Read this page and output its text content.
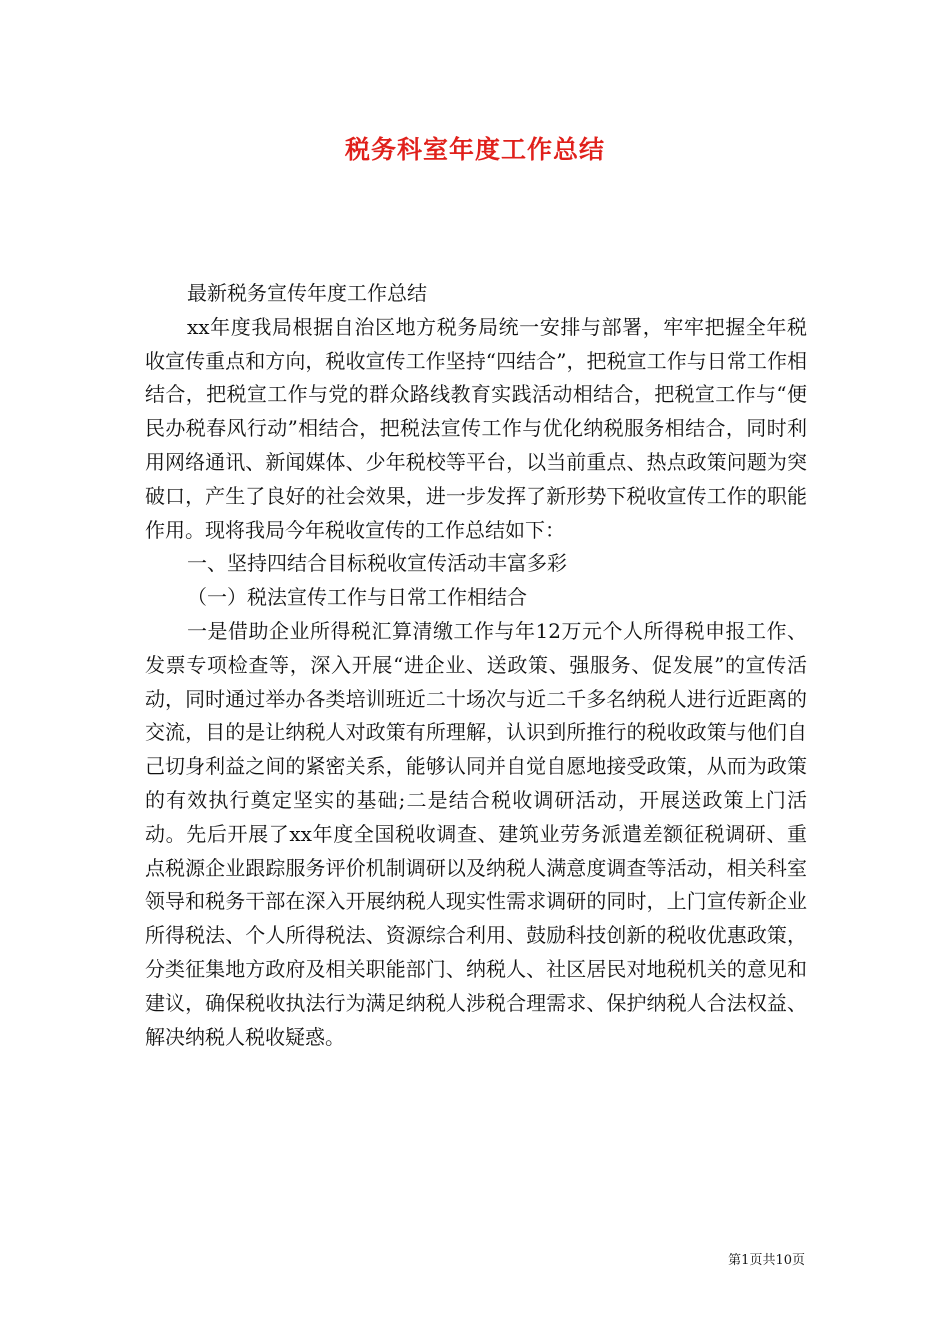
税务科室年度工作总结

最新税务宣传年度工作总结

xx年度我局根据自治区地方税务局统一安排与部署，牢牢把握全年税收宣传重点和方向，税收宣传工作坚持“四结合”，把税宣工作与日常工作相结合，把税宣工作与党的群众路线教育实践活动相结合，把税宣工作与“便民办税春风行动”相结合，把税法宣传工作与优化纳税服务相结合，同时利用网络通讯、新闻媒体、少年税校等平台，以当前重点、热点政策问题为突破口，产生了良好的社会效果，进一步发挥了新形势下税收宣传工作的职能作用。现将我局今年税收宣传的工作总结如下：

一、坚持四结合目标税收宣传活动丰富多彩

（一）税法宣传工作与日常工作相结合

一是借助企业所得税汇算清缴工作与年12万元个人所得税申报工作、发票专项检查等，深入开展“进企业、送政策、强服务、促发展”的宣传活动，同时通过举办各类培训班近二十场次与近二千多名纳税人进行近距离的交流，目的是让纳税人对政策有所理解，认识到所推行的税收政策与他们自己切身利益之间的紧密关系，能够认同并自觉自愿地接受政策，从而为政策的有效执行奠定坚实的基础;二是结合税收调研活动，开展送政策上门活动。先后开展了xx年度全国税收调查、建筑业劳务派遣差额征税调研、重点税源企业跟踪服务评价机制调研以及纳税人满意度调查等活动，相关科室领导和税务干部在深入开展纳税人现实性需求调研的同时，上门宣传新企业所得税法、个人所得税法、资源综合利用、鼓励科技创新的税收优惠政策，分类征集地方政府及相关职能部门、纳税人、社区居民对地税机关的意见和建议，确保税收执法行为满足纳税人涉税合理需求、保护纳税人合法权益、解决纳税人税收疑惑。

第1页共10页
